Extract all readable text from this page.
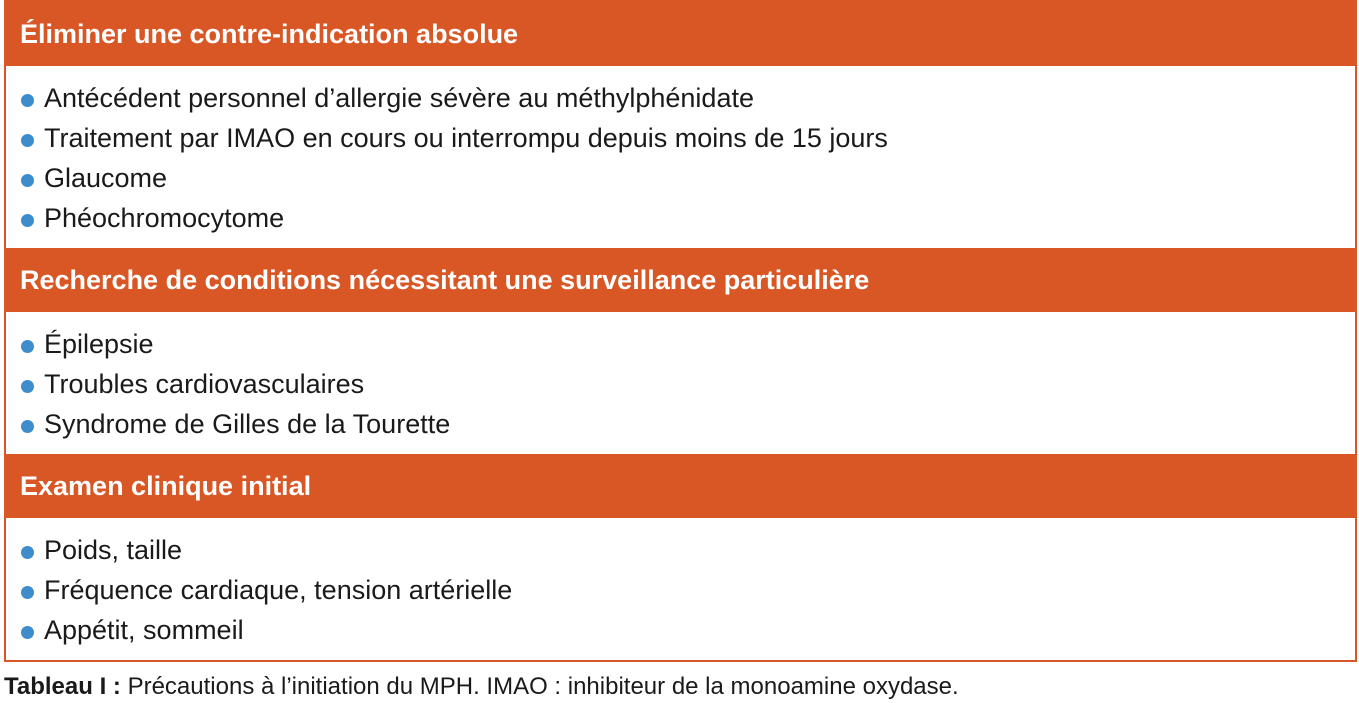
Éliminer une contre-indication absolue
Antécédent personnel d’allergie sévère au méthylphénidate
Traitement par IMAO en cours ou interrompu depuis moins de 15 jours
Glaucome
Phéochromocytome
Recherche de conditions nécessitant une surveillance particulière
Épilepsie
Troubles cardiovasculaires
Syndrome de Gilles de la Tourette
Examen clinique initial
Poids, taille
Fréquence cardiaque, tension artérielle
Appétit, sommeil
Tableau I : Précautions à l’initiation du MPH. IMAO : inhibiteur de la monoamine oxydase.
